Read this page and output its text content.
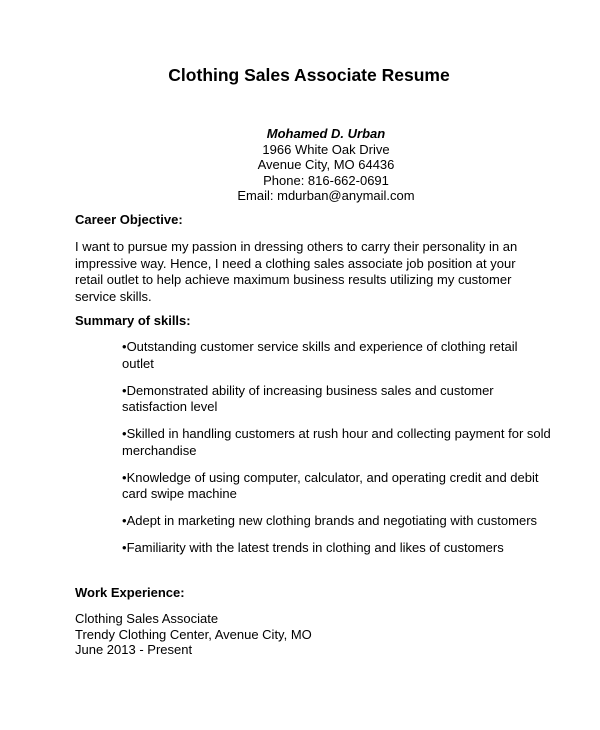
Clothing Sales Associate Resume
Mohamed D. Urban
1966 White Oak Drive
Avenue City, MO 64436
Phone: 816-662-0691
Email: mdurban@anymail.com
Career Objective:

I want to pursue my passion in dressing others to carry their personality in an impressive way. Hence, I need a clothing sales associate job position at your retail outlet to help achieve maximum business results utilizing my customer service skills.

Summary of skills:
•Outstanding customer service skills and experience of clothing retail outlet
•Demonstrated ability of increasing business sales and customer satisfaction level
•Skilled in handling customers at rush hour and collecting payment for sold merchandise
•Knowledge of using computer, calculator, and operating credit and debit card swipe machine
•Adept in marketing new clothing brands and negotiating with customers
•Familiarity with the latest trends in clothing and likes of customers
Work Experience:
Clothing Sales Associate
Trendy Clothing Center, Avenue City, MO
June 2013 - Present
